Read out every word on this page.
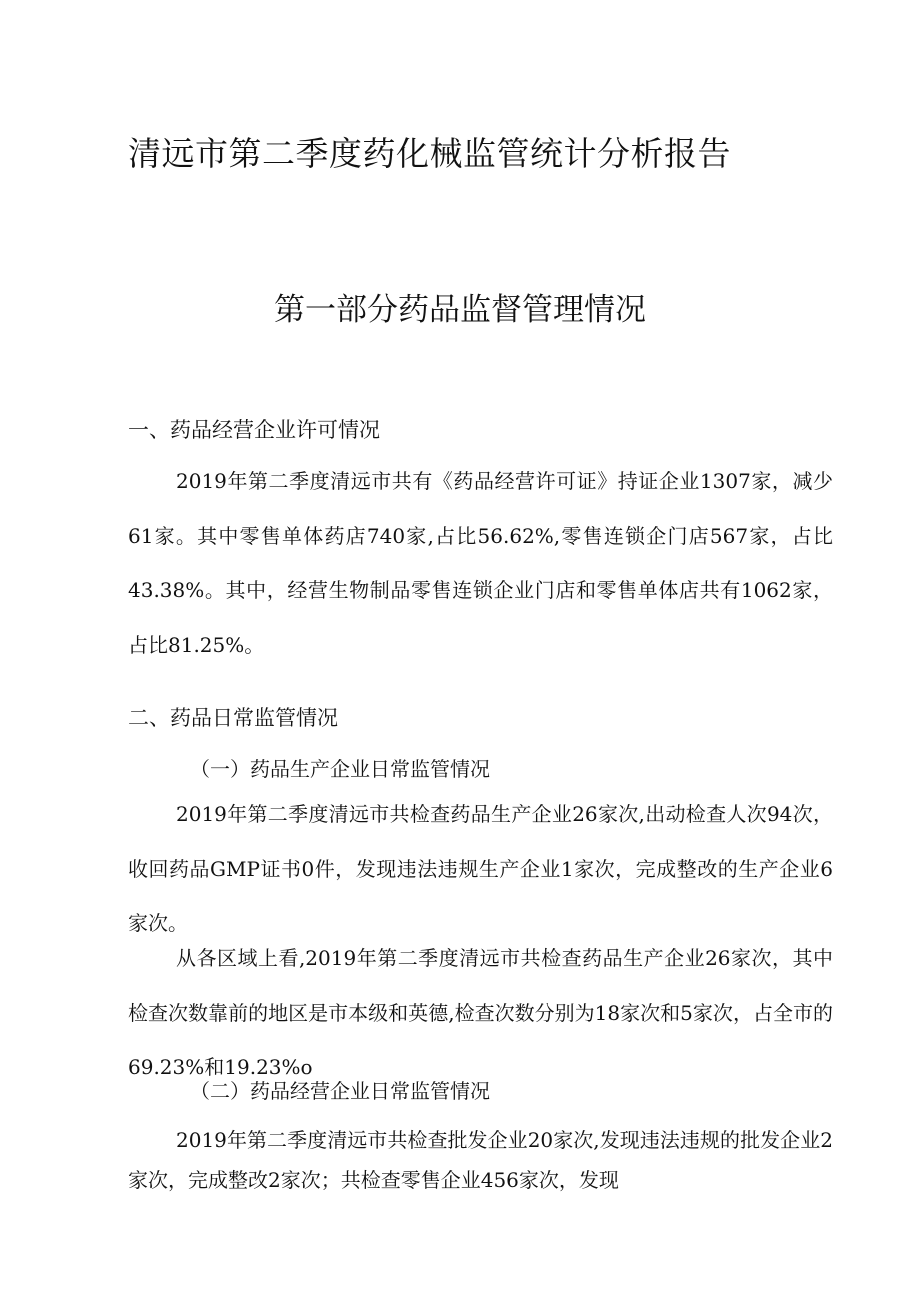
清远市第二季度药化械监管统计分析报告
第一部分药品监督管理情况
一、药品经营企业许可情况

2019年第二季度清远市共有《药品经营许可证》持证企业1307家，减少61家。其中零售单体药店740家,占比56.62%,零售连锁企门店567家，占比43.38%。其中，经营生物制品零售连锁企业门店和零售单体店共有1062家，占比81.25%。

二、药品日常监管情况
（一）药品生产企业日常监管情况

2019年第二季度清远市共检查药品生产企业26家次,出动检查人次94次，收回药品GMP证书0件，发现违法违规生产企业1家次，完成整改的生产企业6家次。

从各区域上看,2019年第二季度清远市共检查药品生产企业26家次，其中检查次数靠前的地区是市本级和英德,检查次数分别为18家次和5家次，占全市的69.23%和19.23%o

（二）药品经营企业日常监管情况

2019年第二季度清远市共检查批发企业20家次,发现违法违规的批发企业2家次，完成整改2家次；共检查零售企业456家次，发现
